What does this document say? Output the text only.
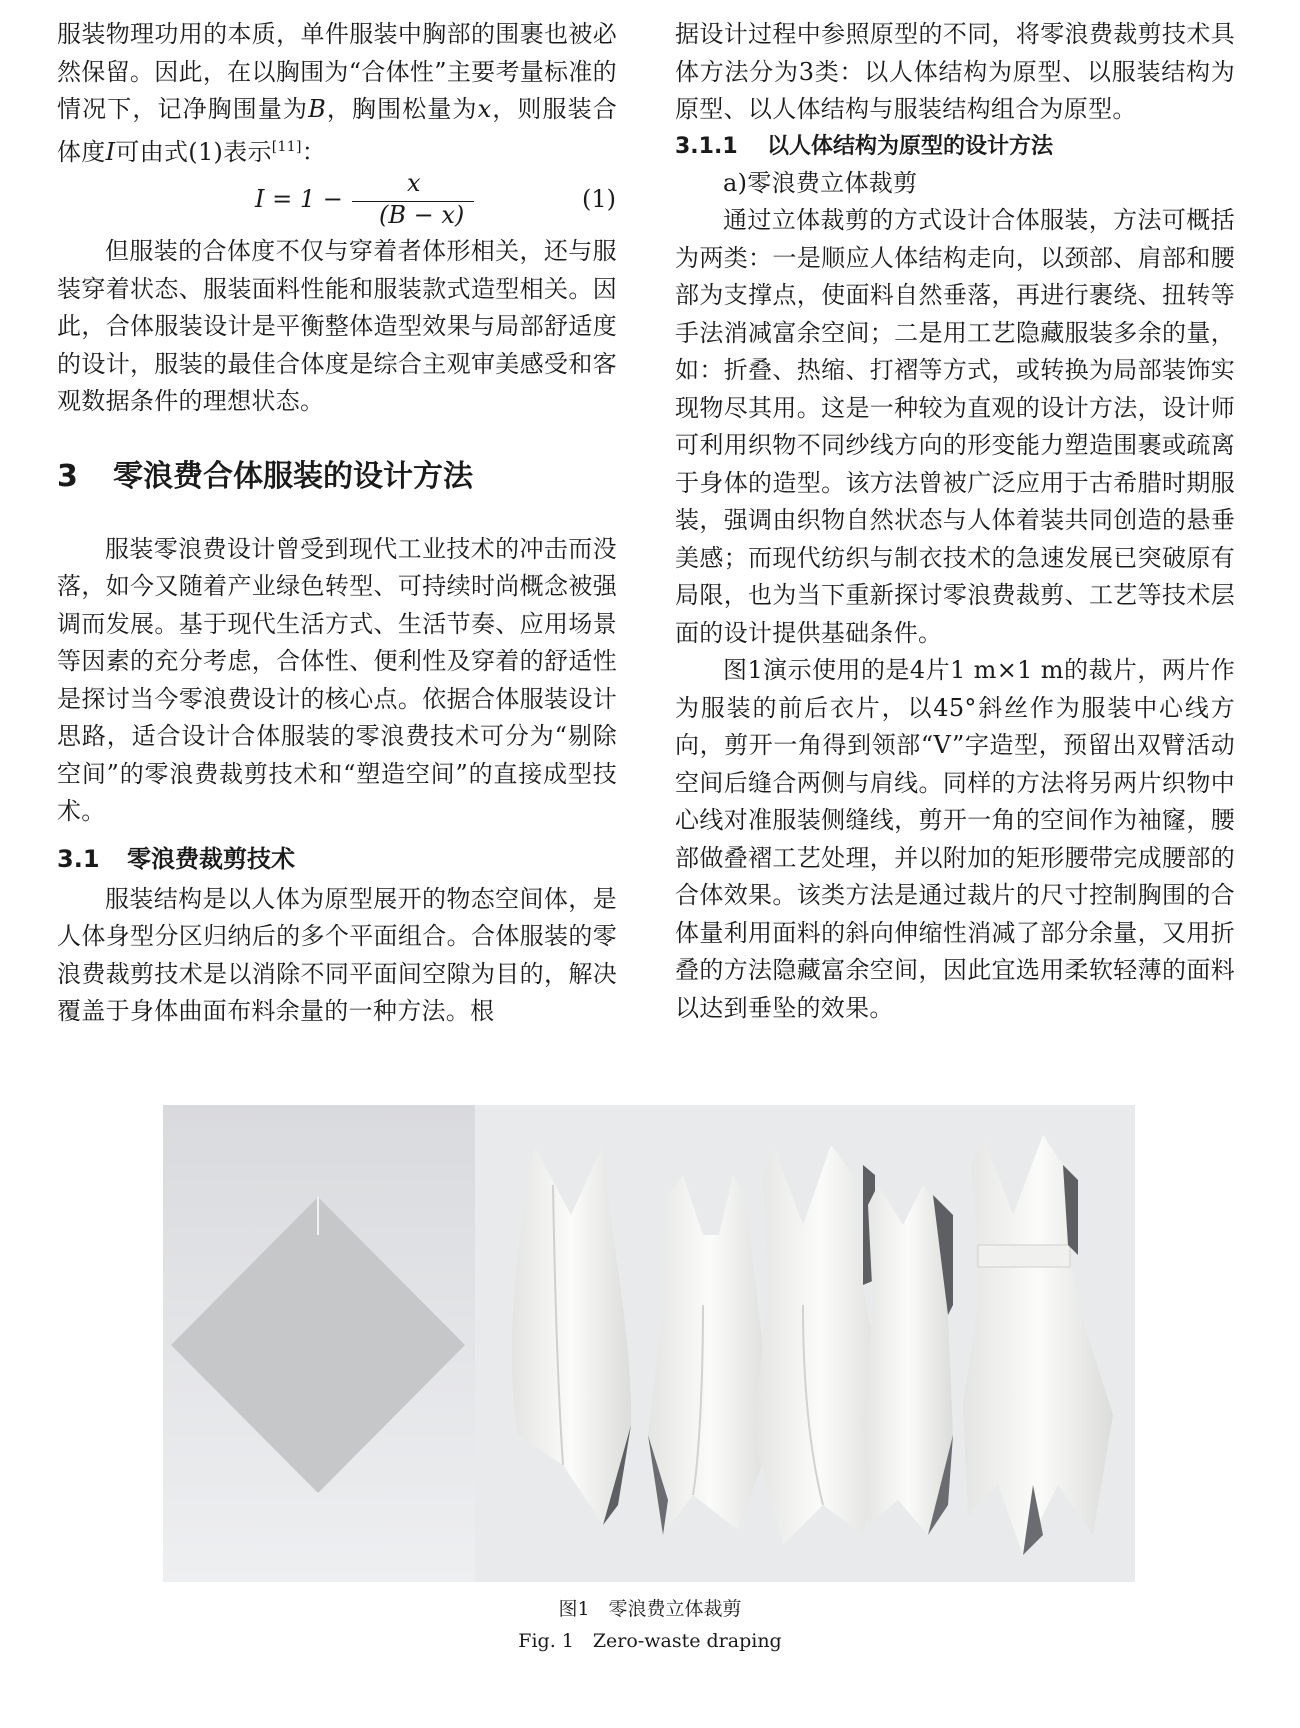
服装物理功用的本质，单件服装中胸部的围裹也被必然保留。因此，在以胸围为“合体性”主要考量标准的情况下，记净胸围量为B，胸围松量为x，则服装合体度I可由式(1)表示[11]：

I = 1 −
x
(B − x)
(1)

但服装的合体度不仅与穿着者体形相关，还与服装穿着状态、服装面料性能和服装款式造型相关。因此，合体服装设计是平衡整体造型效果与局部舒适度的设计，服装的最佳合体度是综合主观审美感受和客观数据条件的理想状态。

3 零浪费合体服装的设计方法

服装零浪费设计曾受到现代工业技术的冲击而没落，如今又随着产业绿色转型、可持续时尚概念被强调而发展。基于现代生活方式、生活节奏、应用场景等因素的充分考虑，合体性、便利性及穿着的舒适性是探讨当今零浪费设计的核心点。依据合体服装设计思路，适合设计合体服装的零浪费技术可分为“剔除空间”的零浪费裁剪技术和“塑造空间”的直接成型技术。

3.1 零浪费裁剪技术

服装结构是以人体为原型展开的物态空间体，是人体身型分区归纳后的多个平面组合。合体服装的零浪费裁剪技术是以消除不同平面间空隙为目的，解决覆盖于身体曲面布料余量的一种方法。根

据设计过程中参照原型的不同，将零浪费裁剪技术具体方法分为3类：以人体结构为原型、以服装结构为原型、以人体结构与服装结构组合为原型。

3.1.1 以人体结构为原型的设计方法

a)零浪费立体裁剪

通过立体裁剪的方式设计合体服装，方法可概括为两类：一是顺应人体结构走向，以颈部、肩部和腰部为支撑点，使面料自然垂落，再进行裹绕、扭转等手法消减富余空间；二是用工艺隐藏服装多余的量，如：折叠、热缩、打褶等方式，或转换为局部装饰实现物尽其用。这是一种较为直观的设计方法，设计师可利用织物不同纱线方向的形变能力塑造围裹或疏离于身体的造型。该方法曾被广泛应用于古希腊时期服装，强调由织物自然状态与人体着装共同创造的悬垂美感；而现代纺织与制衣技术的急速发展已突破原有局限，也为当下重新探讨零浪费裁剪、工艺等技术层面的设计提供基础条件。

图1演示使用的是4片1 m×1 m的裁片，两片作为服装的前后衣片，以45°斜丝作为服装中心线方向，剪开一角得到领部“V”字造型，预留出双臂活动空间后缝合两侧与肩线。同样的方法将另两片织物中心线对准服装侧缝线，剪开一角的空间作为袖窿，腰部做叠褶工艺处理，并以附加的矩形腰带完成腰部的合体效果。该类方法是通过裁片的尺寸控制胸围的合体量利用面料的斜向伸缩性消减了部分余量，又用折叠的方法隐藏富余空间，因此宜选用柔软轻薄的面料以达到垂坠的效果。

图1　零浪费立体裁剪
Fig. 1　Zero-waste draping
